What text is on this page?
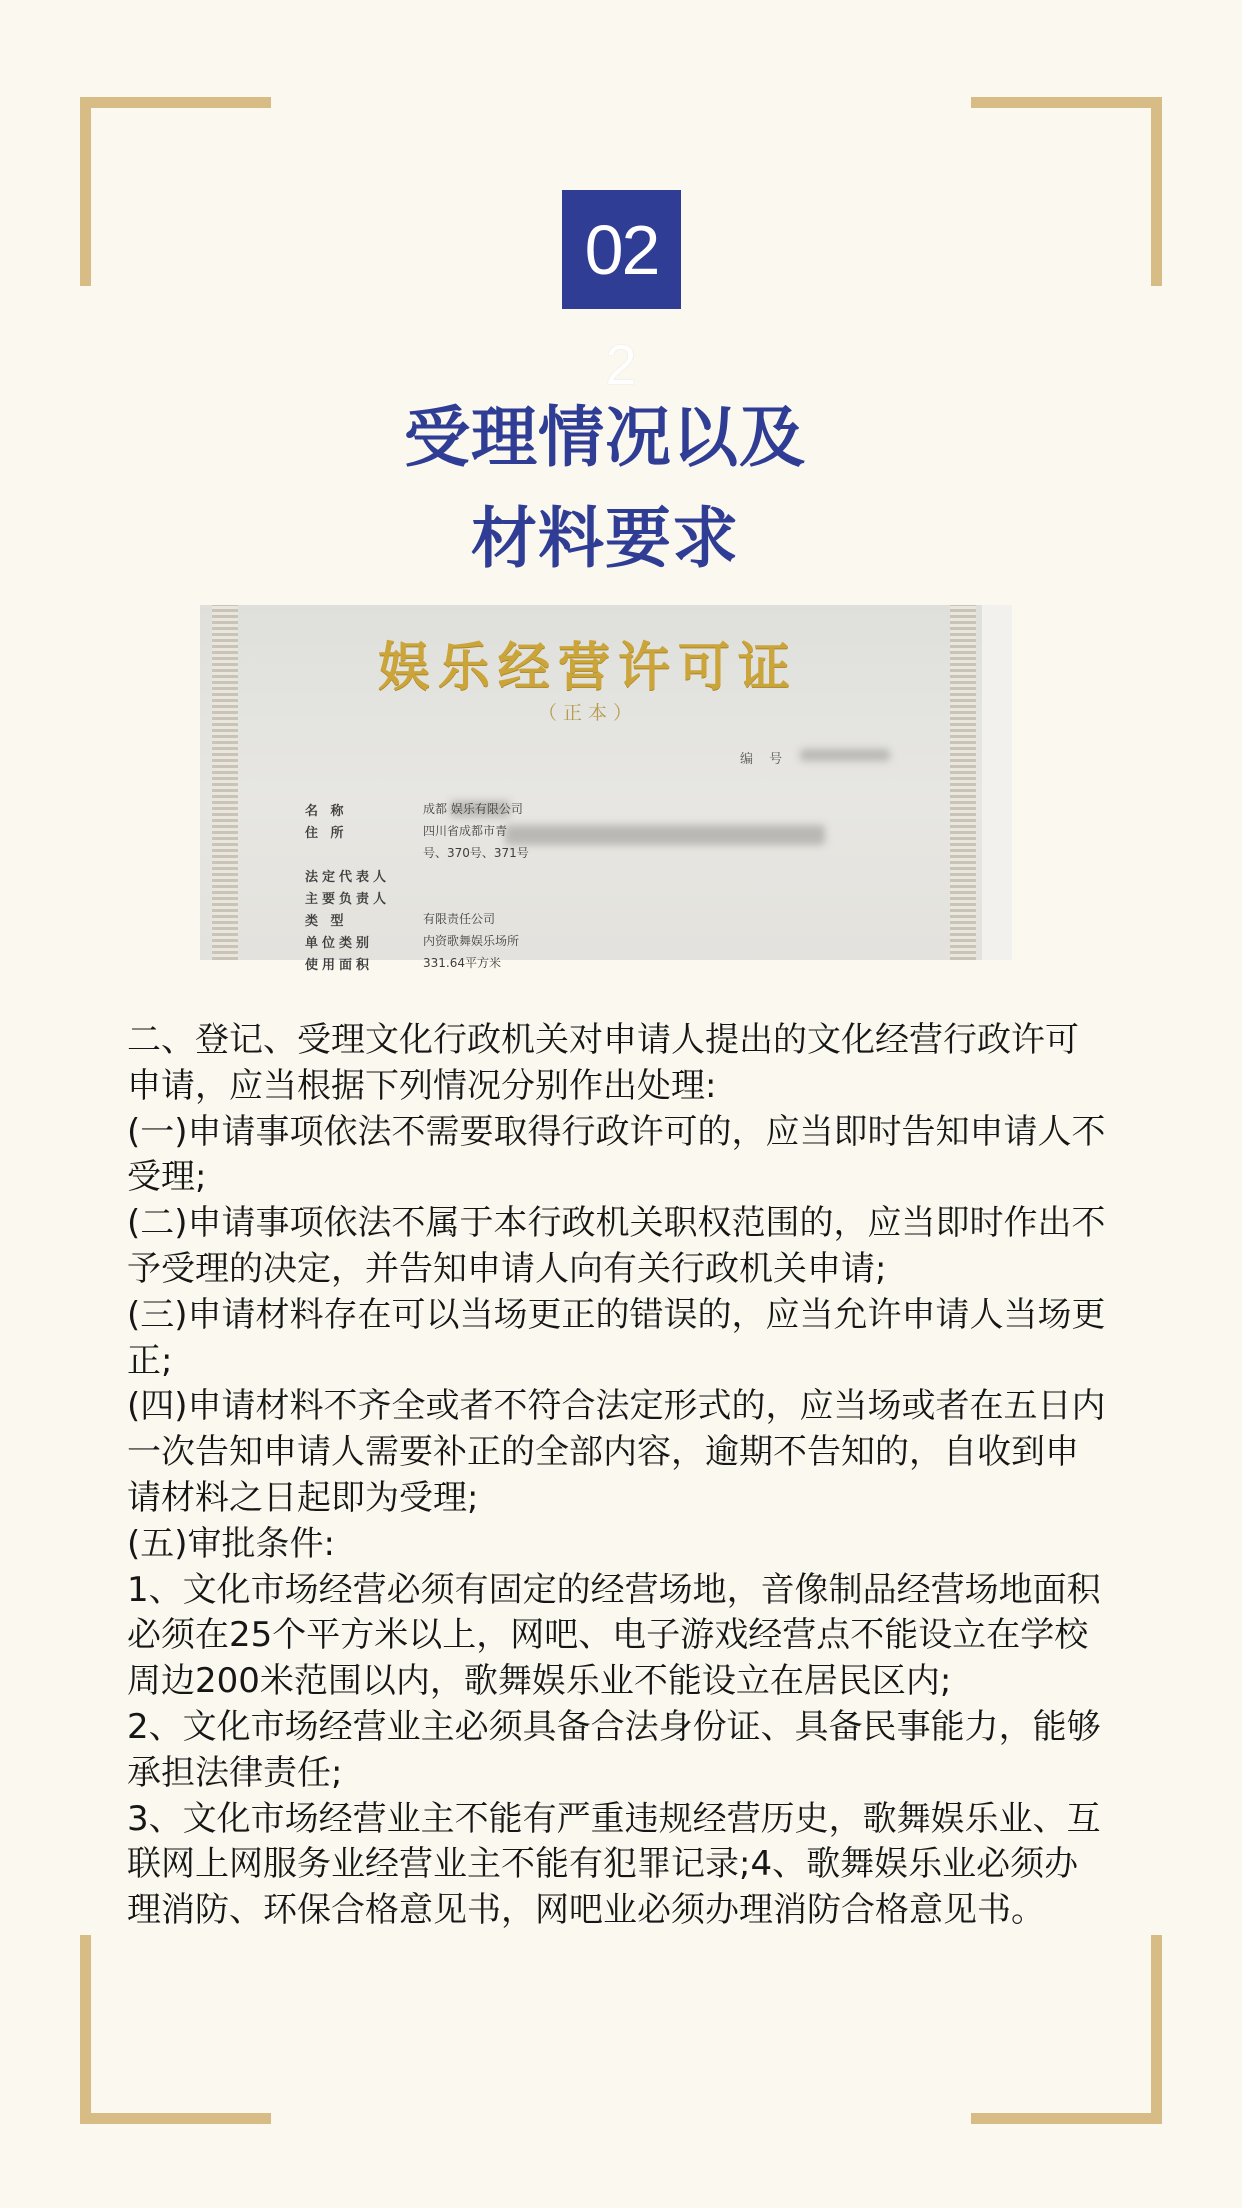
02
2
受理情况以及
材料要求
娱乐经营许可证
（正本）
编 号
名 称	成都 娱乐有限公司
住 所	四川省成都市青
号、370号、371号
法定代表人
主要负责人
类 型	有限责任公司
单位类别	内资歌舞娱乐场所
使用面积	331.64平方米

二、登记、受理文化行政机关对申请人提出的文化经营行政许可申请，应当根据下列情况分别作出处理:

(一)申请事项依法不需要取得行政许可的，应当即时告知申请人不受理;

(二)申请事项依法不属于本行政机关职权范围的，应当即时作出不予受理的决定，并告知申请人向有关行政机关申请;

(三)申请材料存在可以当场更正的错误的，应当允许申请人当场更正;

(四)申请材料不齐全或者不符合法定形式的，应当场或者在五日内一次告知申请人需要补正的全部内容，逾期不告知的，自收到申请材料之日起即为受理;

(五)审批条件:

1、文化市场经营必须有固定的经营场地，音像制品经营场地面积必须在25个平方米以上，网吧、电子游戏经营点不能设立在学校周边200米范围以内，歌舞娱乐业不能设立在居民区内;

2、文化市场经营业主必须具备合法身份证、具备民事能力，能够承担法律责任;

3、文化市场经营业主不能有严重违规经营历史，歌舞娱乐业、互联网上网服务业经营业主不能有犯罪记录;4、歌舞娱乐业必须办理消防、环保合格意见书，网吧业必须办理消防合格意见书。
